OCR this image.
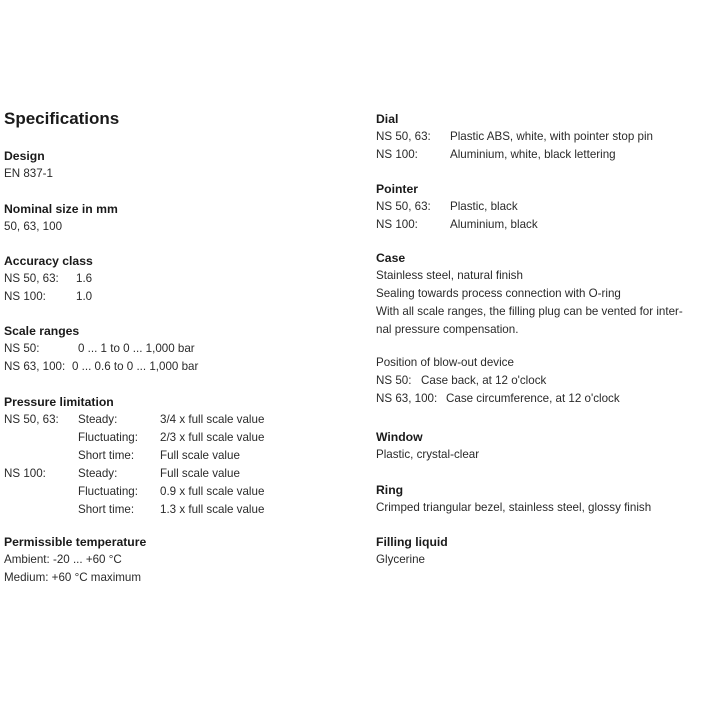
Specifications
Design
EN 837-1
Nominal size in mm
50, 63, 100
Accuracy class
NS 50, 63:	1.6
NS 100:	1.0
Scale ranges
NS 50:	0 ... 1 to 0 ... 1,000 bar
NS 63, 100: 0 ... 0.6 to 0 ... 1,000 bar
Pressure limitation
NS 50, 63:	Steady:	3/4 x full scale value
Fluctuating:	2/3 x full scale value
Short time:	Full scale value
NS 100:	Steady:	Full scale value
Fluctuating:	0.9 x full scale value
Short time:	1.3 x full scale value
Permissible temperature
Ambient: -20 ... +60 °C
Medium: +60 °C maximum
Dial
NS 50, 63:	Plastic ABS, white, with pointer stop pin
NS 100:	Aluminium, white, black lettering
Pointer
NS 50, 63:	Plastic, black
NS 100:	Aluminium, black
Case
Stainless steel, natural finish
Sealing towards process connection with O-ring
With all scale ranges, the filling plug can be vented for inter-
nal pressure compensation.
Position of blow-out device
NS 50: Case back, at 12 o'clock
NS 63, 100: Case circumference, at 12 o'clock
Window
Plastic, crystal-clear
Ring
Crimped triangular bezel, stainless steel, glossy finish
Filling liquid
Glycerine
